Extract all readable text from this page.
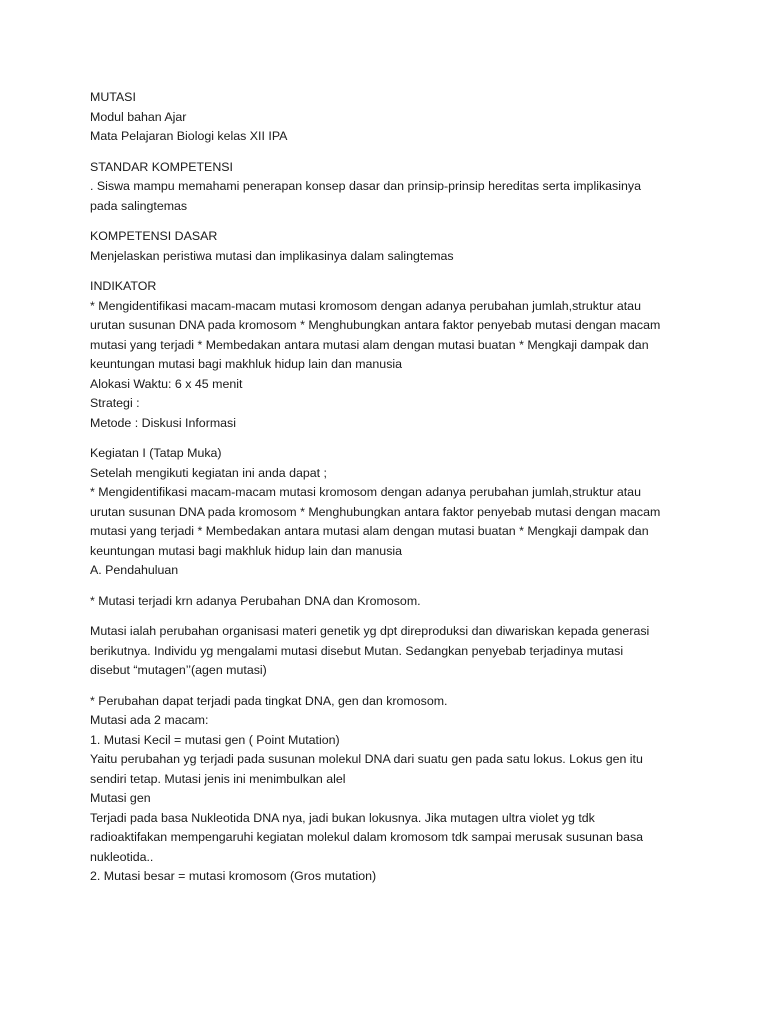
MUTASI
Modul bahan Ajar
Mata Pelajaran Biologi kelas XII IPA
STANDAR KOMPETENSI
. Siswa mampu memahami penerapan konsep dasar dan prinsip-prinsip hereditas serta implikasinya
pada salingtemas
KOMPETENSI DASAR
Menjelaskan peristiwa mutasi dan implikasinya dalam salingtemas
INDIKATOR
* Mengidentifikasi macam-macam mutasi kromosom dengan adanya perubahan jumlah,struktur atau
urutan susunan DNA pada kromosom * Menghubungkan antara faktor penyebab mutasi dengan macam
mutasi yang terjadi * Membedakan antara mutasi alam dengan mutasi buatan * Mengkaji dampak dan
keuntungan mutasi bagi makhluk hidup lain dan manusia
Alokasi Waktu: 6 x 45 menit
Strategi :
Metode : Diskusi Informasi
Kegiatan I (Tatap Muka)
Setelah mengikuti kegiatan ini anda dapat ;
* Mengidentifikasi macam-macam mutasi kromosom dengan adanya perubahan jumlah,struktur atau
urutan susunan DNA pada kromosom * Menghubungkan antara faktor penyebab mutasi dengan macam
mutasi yang terjadi * Membedakan antara mutasi alam dengan mutasi buatan * Mengkaji dampak dan
keuntungan mutasi bagi makhluk hidup lain dan manusia
A. Pendahuluan
* Mutasi terjadi krn adanya Perubahan DNA dan Kromosom.
Mutasi ialah perubahan organisasi materi genetik yg dpt direproduksi dan diwariskan kepada generasi
berikutnya. Individu yg mengalami mutasi disebut Mutan. Sedangkan penyebab terjadinya mutasi
disebut “mutagen’’(agen mutasi)
* Perubahan dapat terjadi pada tingkat DNA, gen dan kromosom.
Mutasi ada 2 macam:
1. Mutasi Kecil = mutasi gen ( Point Mutation)
Yaitu perubahan yg terjadi pada susunan molekul DNA dari suatu gen pada satu lokus. Lokus gen itu
sendiri tetap. Mutasi jenis ini menimbulkan alel
Mutasi gen
Terjadi pada basa Nukleotida DNA nya, jadi bukan lokusnya. Jika mutagen ultra violet yg tdk
radioaktifakan mempengaruhi kegiatan molekul dalam kromosom tdk sampai merusak susunan basa
nukleotida..
2. Mutasi besar = mutasi kromosom (Gros mutation)
